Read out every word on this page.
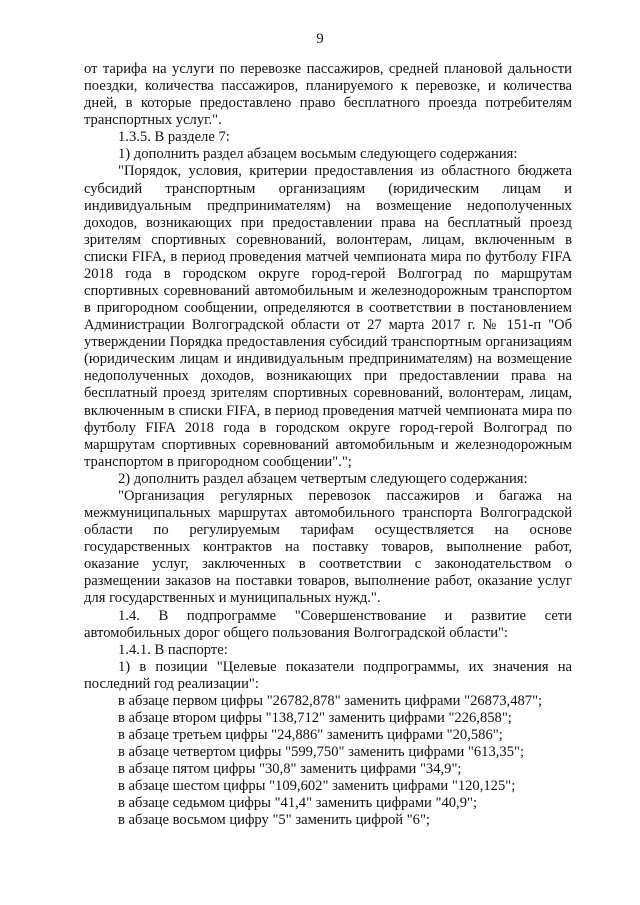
9

от тарифа на услуги по перевозке пассажиров, средней плановой дальности поездки, количества пассажиров, планируемого к перевозке, и количества дней, в которые предоставлено право бесплатного проезда потребителям транспортных услуг.".

1.3.5. В разделе 7:

1) дополнить раздел абзацем восьмым следующего содержания:

"Порядок, условия, критерии предоставления из областного бюджета субсидий транспортным организациям (юридическим лицам и индивидуальным предпринимателям) на возмещение недополученных доходов, возникающих при предоставлении права на бесплатный проезд зрителям спортивных соревнований, волонтерам, лицам, включенным в списки FIFA, в период проведения матчей чемпионата мира по футболу FIFA 2018 года в городском округе город-герой Волгоград по маршрутам спортивных соревнований автомобильным и железнодорожным транспортом в пригородном сообщении, определяются в соответствии в постановлением Администрации Волгоградской области от 27 марта 2017 г. № 151-п "Об утверждении Порядка предоставления субсидий транспортным организациям (юридическим лицам и индивидуальным предпринимателям) на возмещение недополученных доходов, возникающих при предоставлении права на бесплатный проезд зрителям спортивных соревнований, волонтерам, лицам, включенным в списки FIFA, в период проведения матчей чемпионата мира по футболу FIFA 2018 года в городском округе город-герой Волгоград по маршрутам спортивных соревнований автомобильным и железнодорожным транспортом в пригородном сообщении".";

2) дополнить раздел абзацем четвертым следующего содержания:

"Организация регулярных перевозок пассажиров и багажа на межмуниципальных маршрутах автомобильного транспорта Волгоградской области по регулируемым тарифам осуществляется на основе государственных контрактов на поставку товаров, выполнение работ, оказание услуг, заключенных в соответствии с законодательством о размещении заказов на поставки товаров, выполнение работ, оказание услуг для государственных и муниципальных нужд.".

1.4. В подпрограмме "Совершенствование и развитие сети автомобильных дорог общего пользования Волгоградской области":

1.4.1. В паспорте:

1) в позиции "Целевые показатели подпрограммы, их значения на последний год реализации":

в абзаце первом цифры "26782,878" заменить цифрами "26873,487";

в абзаце втором цифры "138,712" заменить цифрами "226,858";

в абзаце третьем цифры "24,886" заменить цифрами "20,586";

в абзаце четвертом цифры "599,750" заменить цифрами "613,35";

в абзаце пятом цифры "30,8" заменить цифрами "34,9";

в абзаце шестом цифры "109,602" заменить цифрами "120,125";

в абзаце седьмом цифры "41,4" заменить цифрами "40,9";

в абзаце восьмом цифру "5" заменить цифрой "6";
